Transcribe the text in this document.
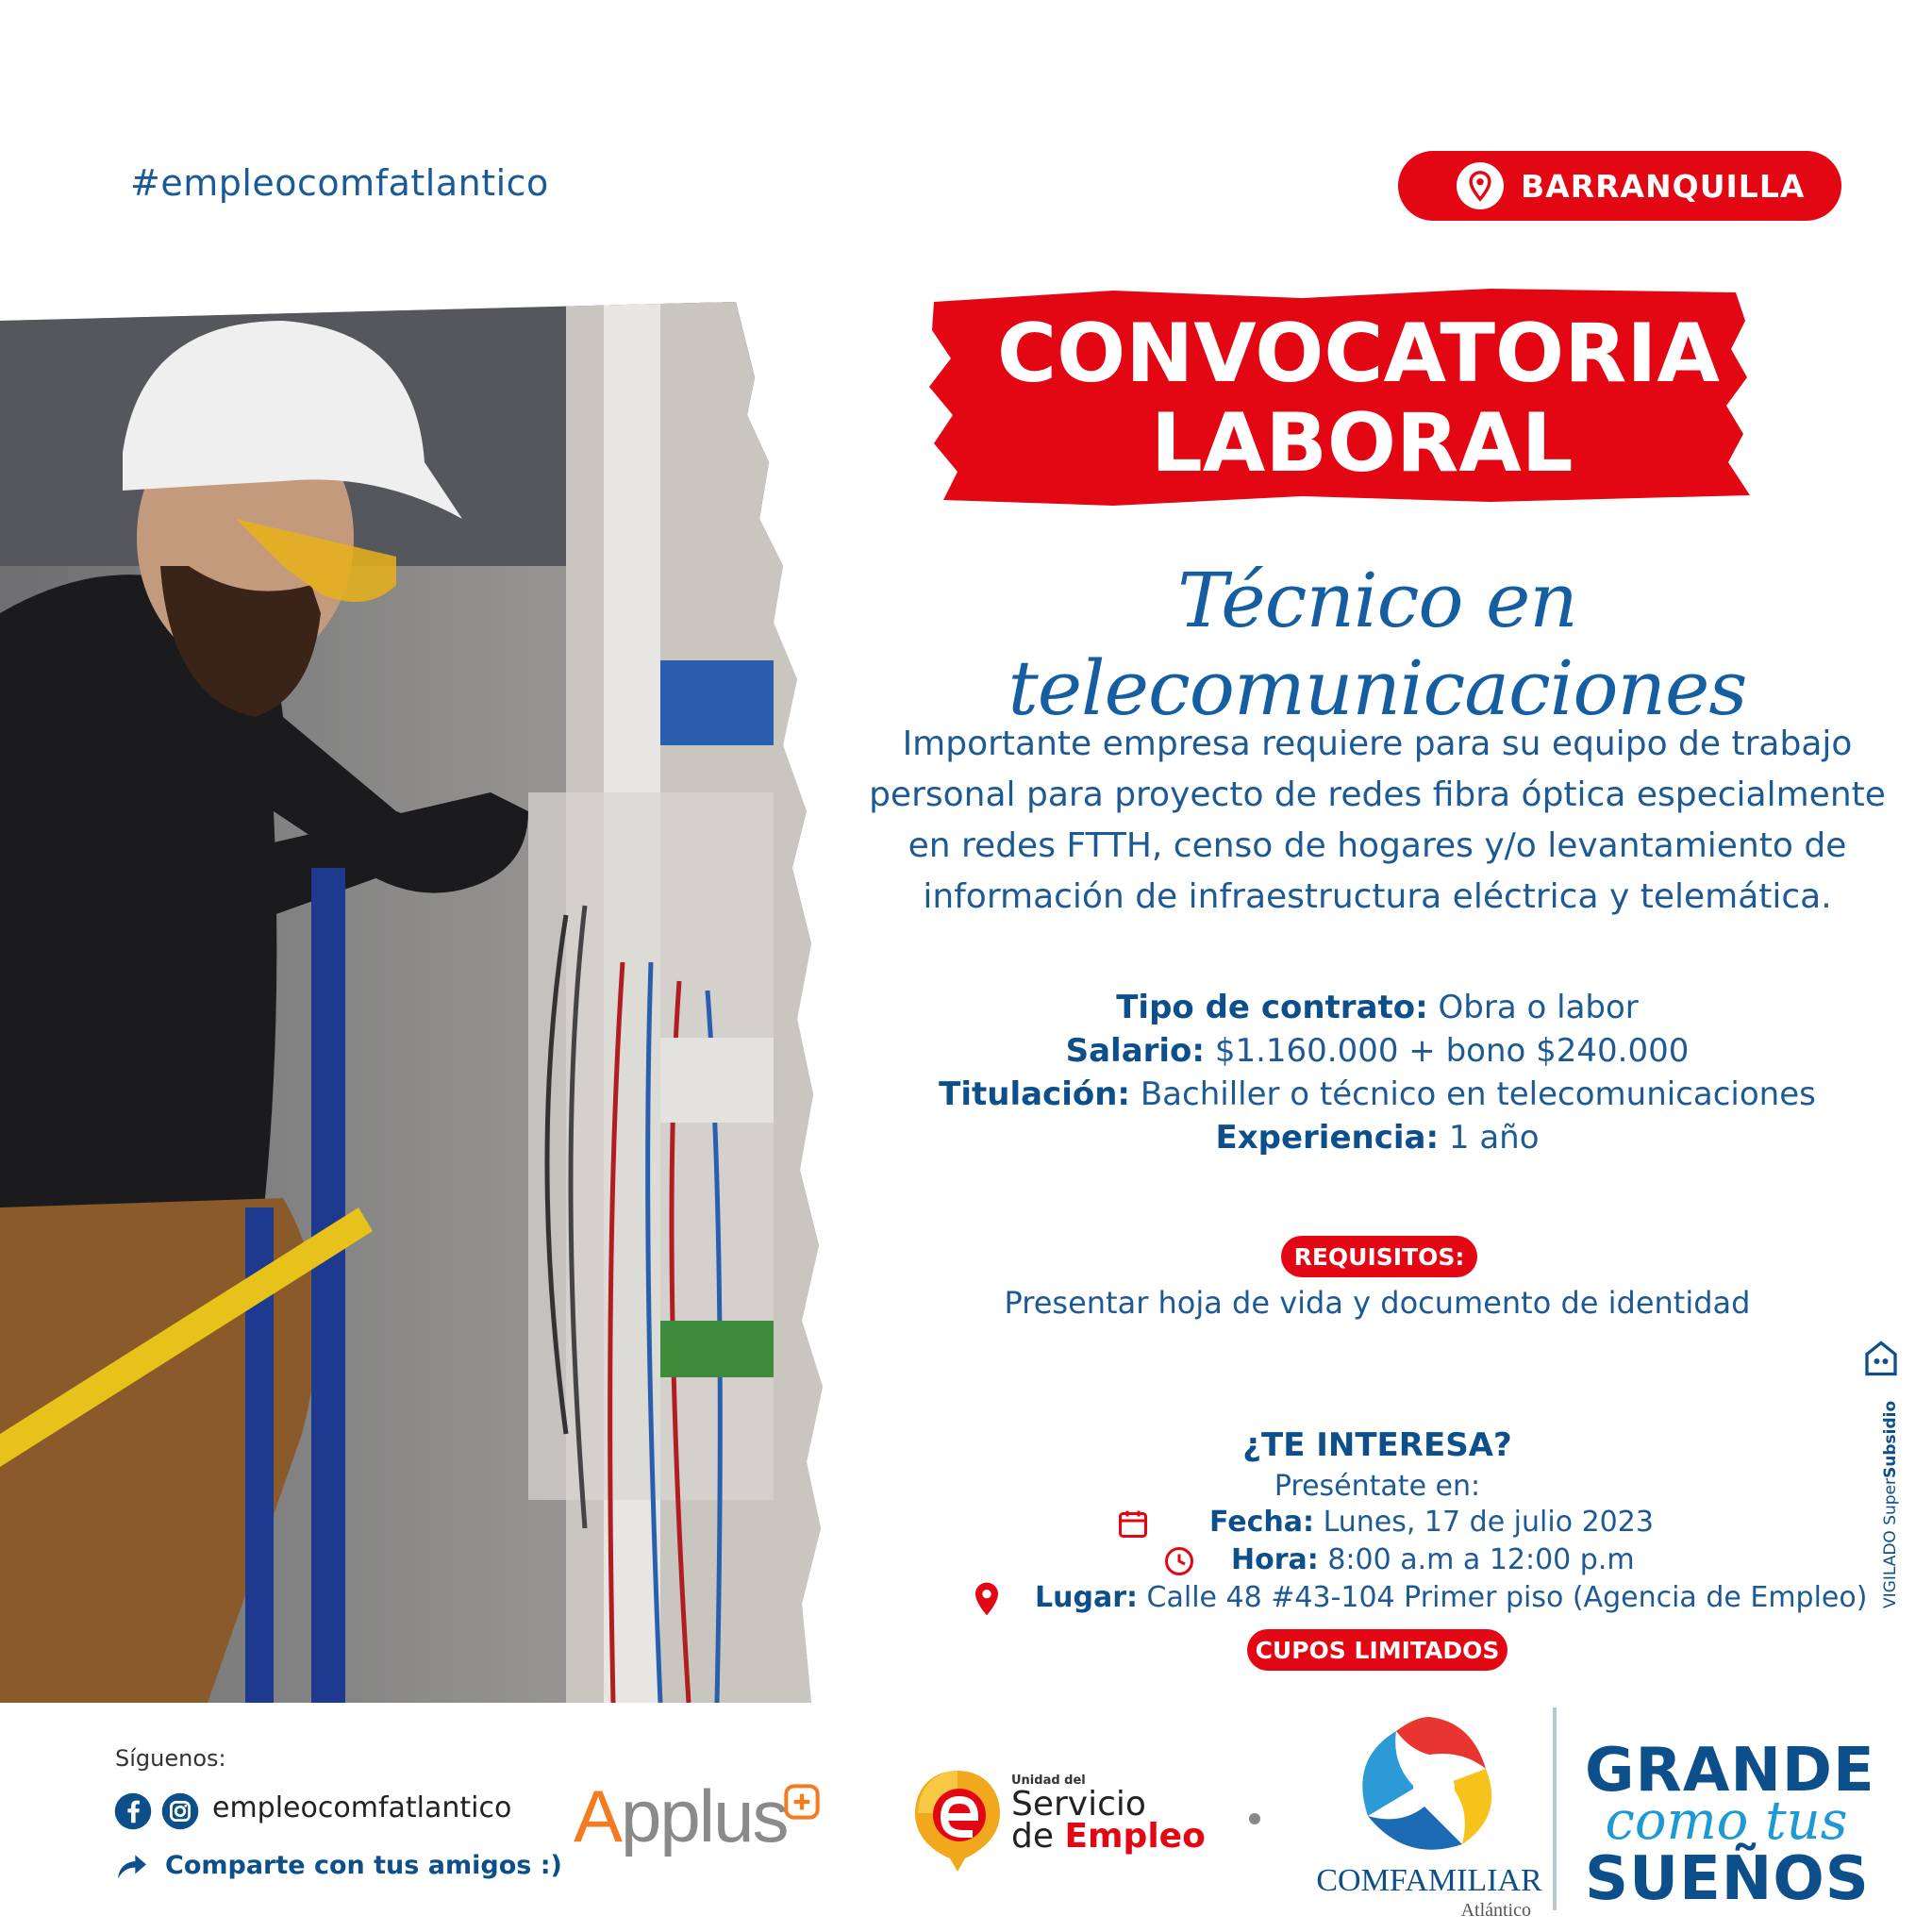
#empleocomfatlantico	BARRANQUILLA
CONVOCATORIA
LABORAL
Técnico en telecomunicaciones
Importante empresa requiere para su equipo de trabajo personal para proyecto de redes fibra óptica especialmente en redes FTTH, censo de hogares y/o levantamiento de información de infraestructura eléctrica y telemática.
Tipo de contrato: Obra o labor
Salario: $1.160.000 + bono $240.000
Titulación: Bachiller o técnico en telecomunicaciones
Experiencia: 1 año
REQUISITOS:
Presentar hoja de vida y documento de identidad
¿TE INTERESA?
Preséntate en:
Fecha: Lunes, 17 de julio 2023
Hora: 8:00 a.m a 12:00 p.m
Lugar: Calle 48 #43-104 Primer piso (Agencia de Empleo)
CUPOS LIMITADOS
VIGILADO SuperSubsidio
Síguenos:
empleocomfatlantico
Comparte con tus amigos :)
Applus	Unidad del
Servicio
de Empleo
COMFAMILIAR
Atlántico
GRANDE
como tus
SUEÑOS
